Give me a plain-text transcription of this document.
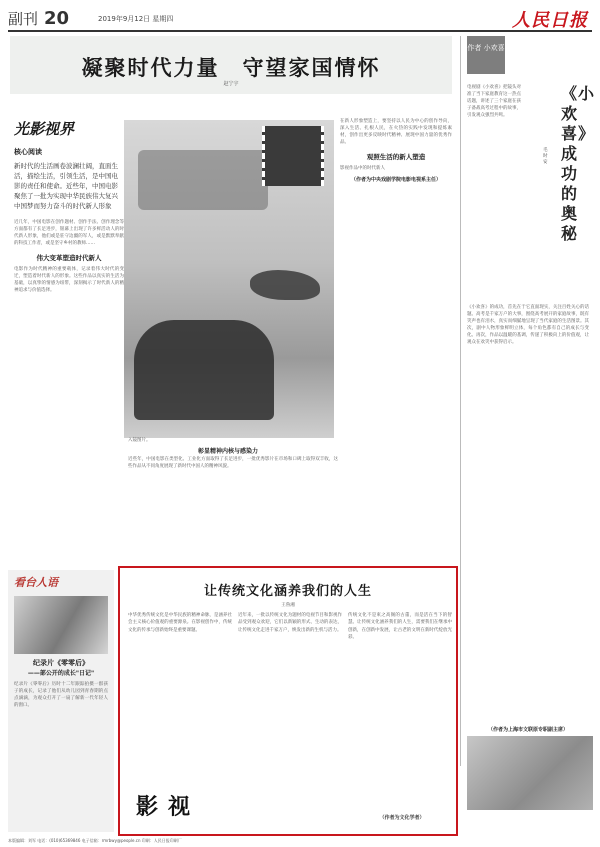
副刊 20	2019年9月12日 星期四	人民日报
凝聚时代力量　守望家国情怀
赵宁宇
光影视界
核心阅读
新时代的生活画卷波澜壮阔，直面生活，描绘生活，引领生活，是中国电影的责任和使命。近些年，中国电影聚焦了一批为实现中华民族伟大复兴中国梦而努力奋斗的时代新人形象
近几年，中国电影在创作题材、创作手法、创作理念等方面都有了长足进步，银幕上出现了许多鲜活动人的时代新人形象，他们或是驻守边疆的军人，或是默默奉献的科技工作者，或是坚守乡村的教师……
伟大变革塑造时代新人
电影作为时代精神的重要载体，记录着伟大时代的变迁，塑造着时代新人的形象。这些作品以真实的生活为基础，以真挚的情感为纽带，深刻揭示了时代新人的精神追求与价值选择。
入镜图片。
彰显精神内核与感染力
近些年，中国电影在类型化、工业化方面取得了长足进步，一批优秀影片在市场和口碑上取得双丰收，这些作品从不同角度展现了新时代中国人的精神风貌。
在新人形象塑造上，要坚持以人民为中心的创作导向，深入生活、扎根人民，在火热的实践中发现和提炼素材，创作出更多反映时代精神、展现中国力量的优秀作品。
观照生活的新人塑造
影视作品中的时代新人
（作者为中央戏剧学院电影电视系主任）
作者 小欢喜
电视剧《小欢喜》把镜头对准了当下家庭教育这一热点话题，讲述了三个家庭在孩子备战高考过程中的故事，引发观众强烈共鸣。
《小欢喜》成功的奥秘
毛时安
《小欢喜》的成功，首先在于它直面现实，关注百姓关心的话题。高考是千家万户的大事，围绕高考展开的家庭故事，既有笑声也有泪水，真实而细腻地呈现了当代家庭的生活图景。其次，剧中人物形象鲜明立体，每个角色都有自己的成长与变化。再次，作品以温暖的基调，传递了积极向上的价值观，让观众在欢笑中获得启示。
（作者为上海市文联原专职副主席）
看台人语
纪录片《零零后》
——部公开的成长"日记"
纪录片《零零后》历时十二年跟踪拍摄一群孩子的成长，记录了他们从幼儿园到青春期的点点滴滴，为观众打开了一扇了解新一代年轻人的窗口。
让传统文化涵养我们的人生
王鲁湘
中华优秀传统文化是中华民族的精神命脉，是涵养社会主义核心价值观的重要源泉。在影视创作中，传统文化的传承与创新始终是重要课题。
近年来，一批以传统文化为题材的电视节目和影视作品受到观众欢迎，它们以新颖的形式、生动的表达，让传统文化走进千家万户，焕发出新的生机与活力。
传统文化不是束之高阁的古董，而是活在当下的智慧。让传统文化涵养我们的人生，需要我们在继承中创新，在创新中发展，让古老的文明在新时代绽放光彩。
影视	（作者为文化学者）
本版编辑：刘军 电话：(010)65369846 电子信箱：rmrbwy@people.cn 印刷：人民日报印刷厂
